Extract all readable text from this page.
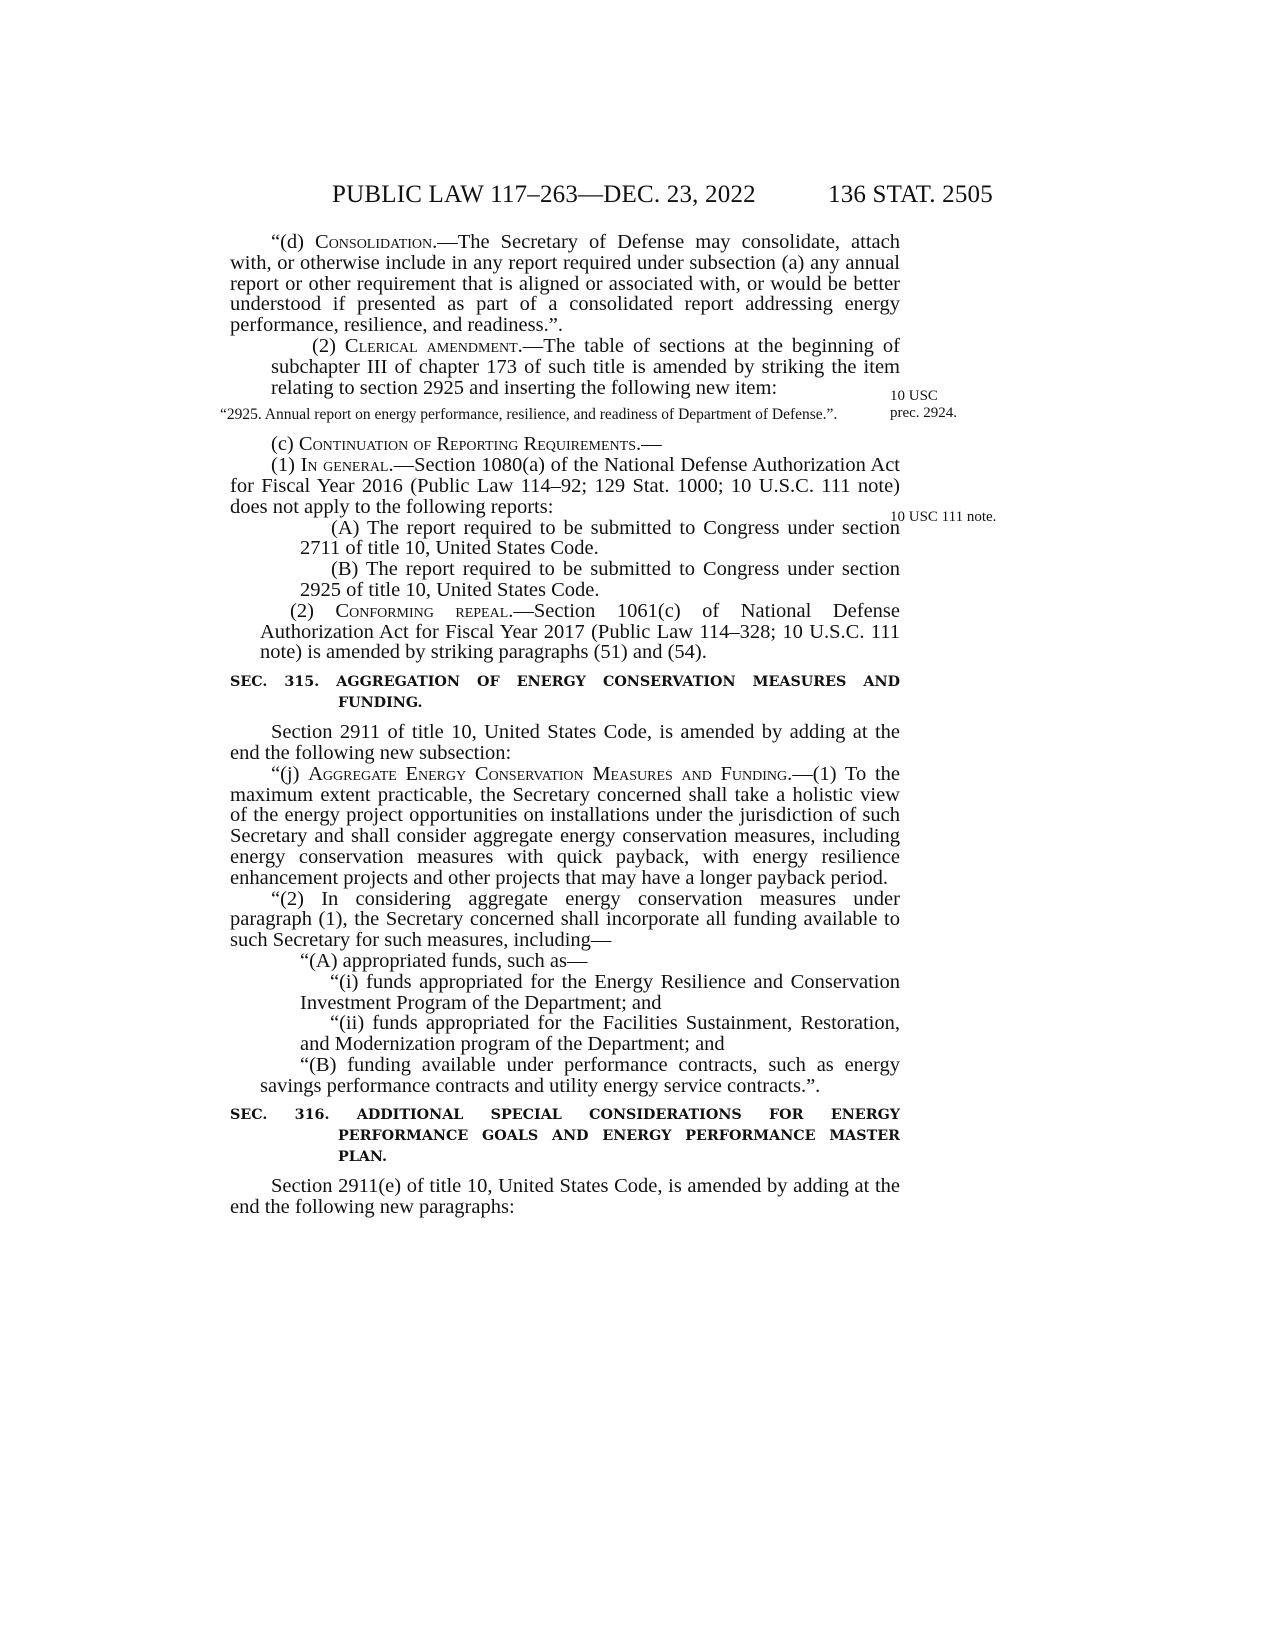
PUBLIC LAW 117–263—DEC. 23, 2022	136 STAT. 2505

“(d) Consolidation.—The Secretary of Defense may consolidate, attach with, or otherwise include in any report required under subsection (a) any annual report or other requirement that is aligned or associated with, or would be better understood if presented as part of a consolidated report addressing energy performance, resilience, and readiness.”.

(2) Clerical amendment.—The table of sections at the beginning of subchapter III of chapter 173 of such title is amended by striking the item relating to section 2925 and inserting the following new item:

“2925. Annual report on energy performance, resilience, and readiness of Department of Defense.”.

(c) Continuation of Reporting Requirements.—

(1) In general.—Section 1080(a) of the National Defense Authorization Act for Fiscal Year 2016 (Public Law 114–92; 129 Stat. 1000; 10 U.S.C. 111 note) does not apply to the following reports:

(A) The report required to be submitted to Congress under section 2711 of title 10, United States Code.

(B) The report required to be submitted to Congress under section 2925 of title 10, United States Code.

(2) Conforming repeal.—Section 1061(c) of National Defense Authorization Act for Fiscal Year 2017 (Public Law 114–328; 10 U.S.C. 111 note) is amended by striking paragraphs (51) and (54).

SEC. 315. AGGREGATION OF ENERGY CONSERVATION MEASURES AND FUNDING.

Section 2911 of title 10, United States Code, is amended by adding at the end the following new subsection:

“(j) Aggregate Energy Conservation Measures and Funding.—(1) To the maximum extent practicable, the Secretary concerned shall take a holistic view of the energy project opportunities on installations under the jurisdiction of such Secretary and shall consider aggregate energy conservation measures, including energy conservation measures with quick payback, with energy resilience enhancement projects and other projects that may have a longer payback period.

“(2) In considering aggregate energy conservation measures under paragraph (1), the Secretary concerned shall incorporate all funding available to such Secretary for such measures, including—

“(A) appropriated funds, such as—

“(i) funds appropriated for the Energy Resilience and Conservation Investment Program of the Department; and

“(ii) funds appropriated for the Facilities Sustainment, Restoration, and Modernization program of the Department; and

“(B) funding available under performance contracts, such as energy savings performance contracts and utility energy service contracts.”.

SEC. 316. ADDITIONAL SPECIAL CONSIDERATIONS FOR ENERGY PERFORMANCE GOALS AND ENERGY PERFORMANCE MASTER PLAN.

Section 2911(e) of title 10, United States Code, is amended by adding at the end the following new paragraphs:

10 USC
prec. 2924.
10 USC 111 note.
